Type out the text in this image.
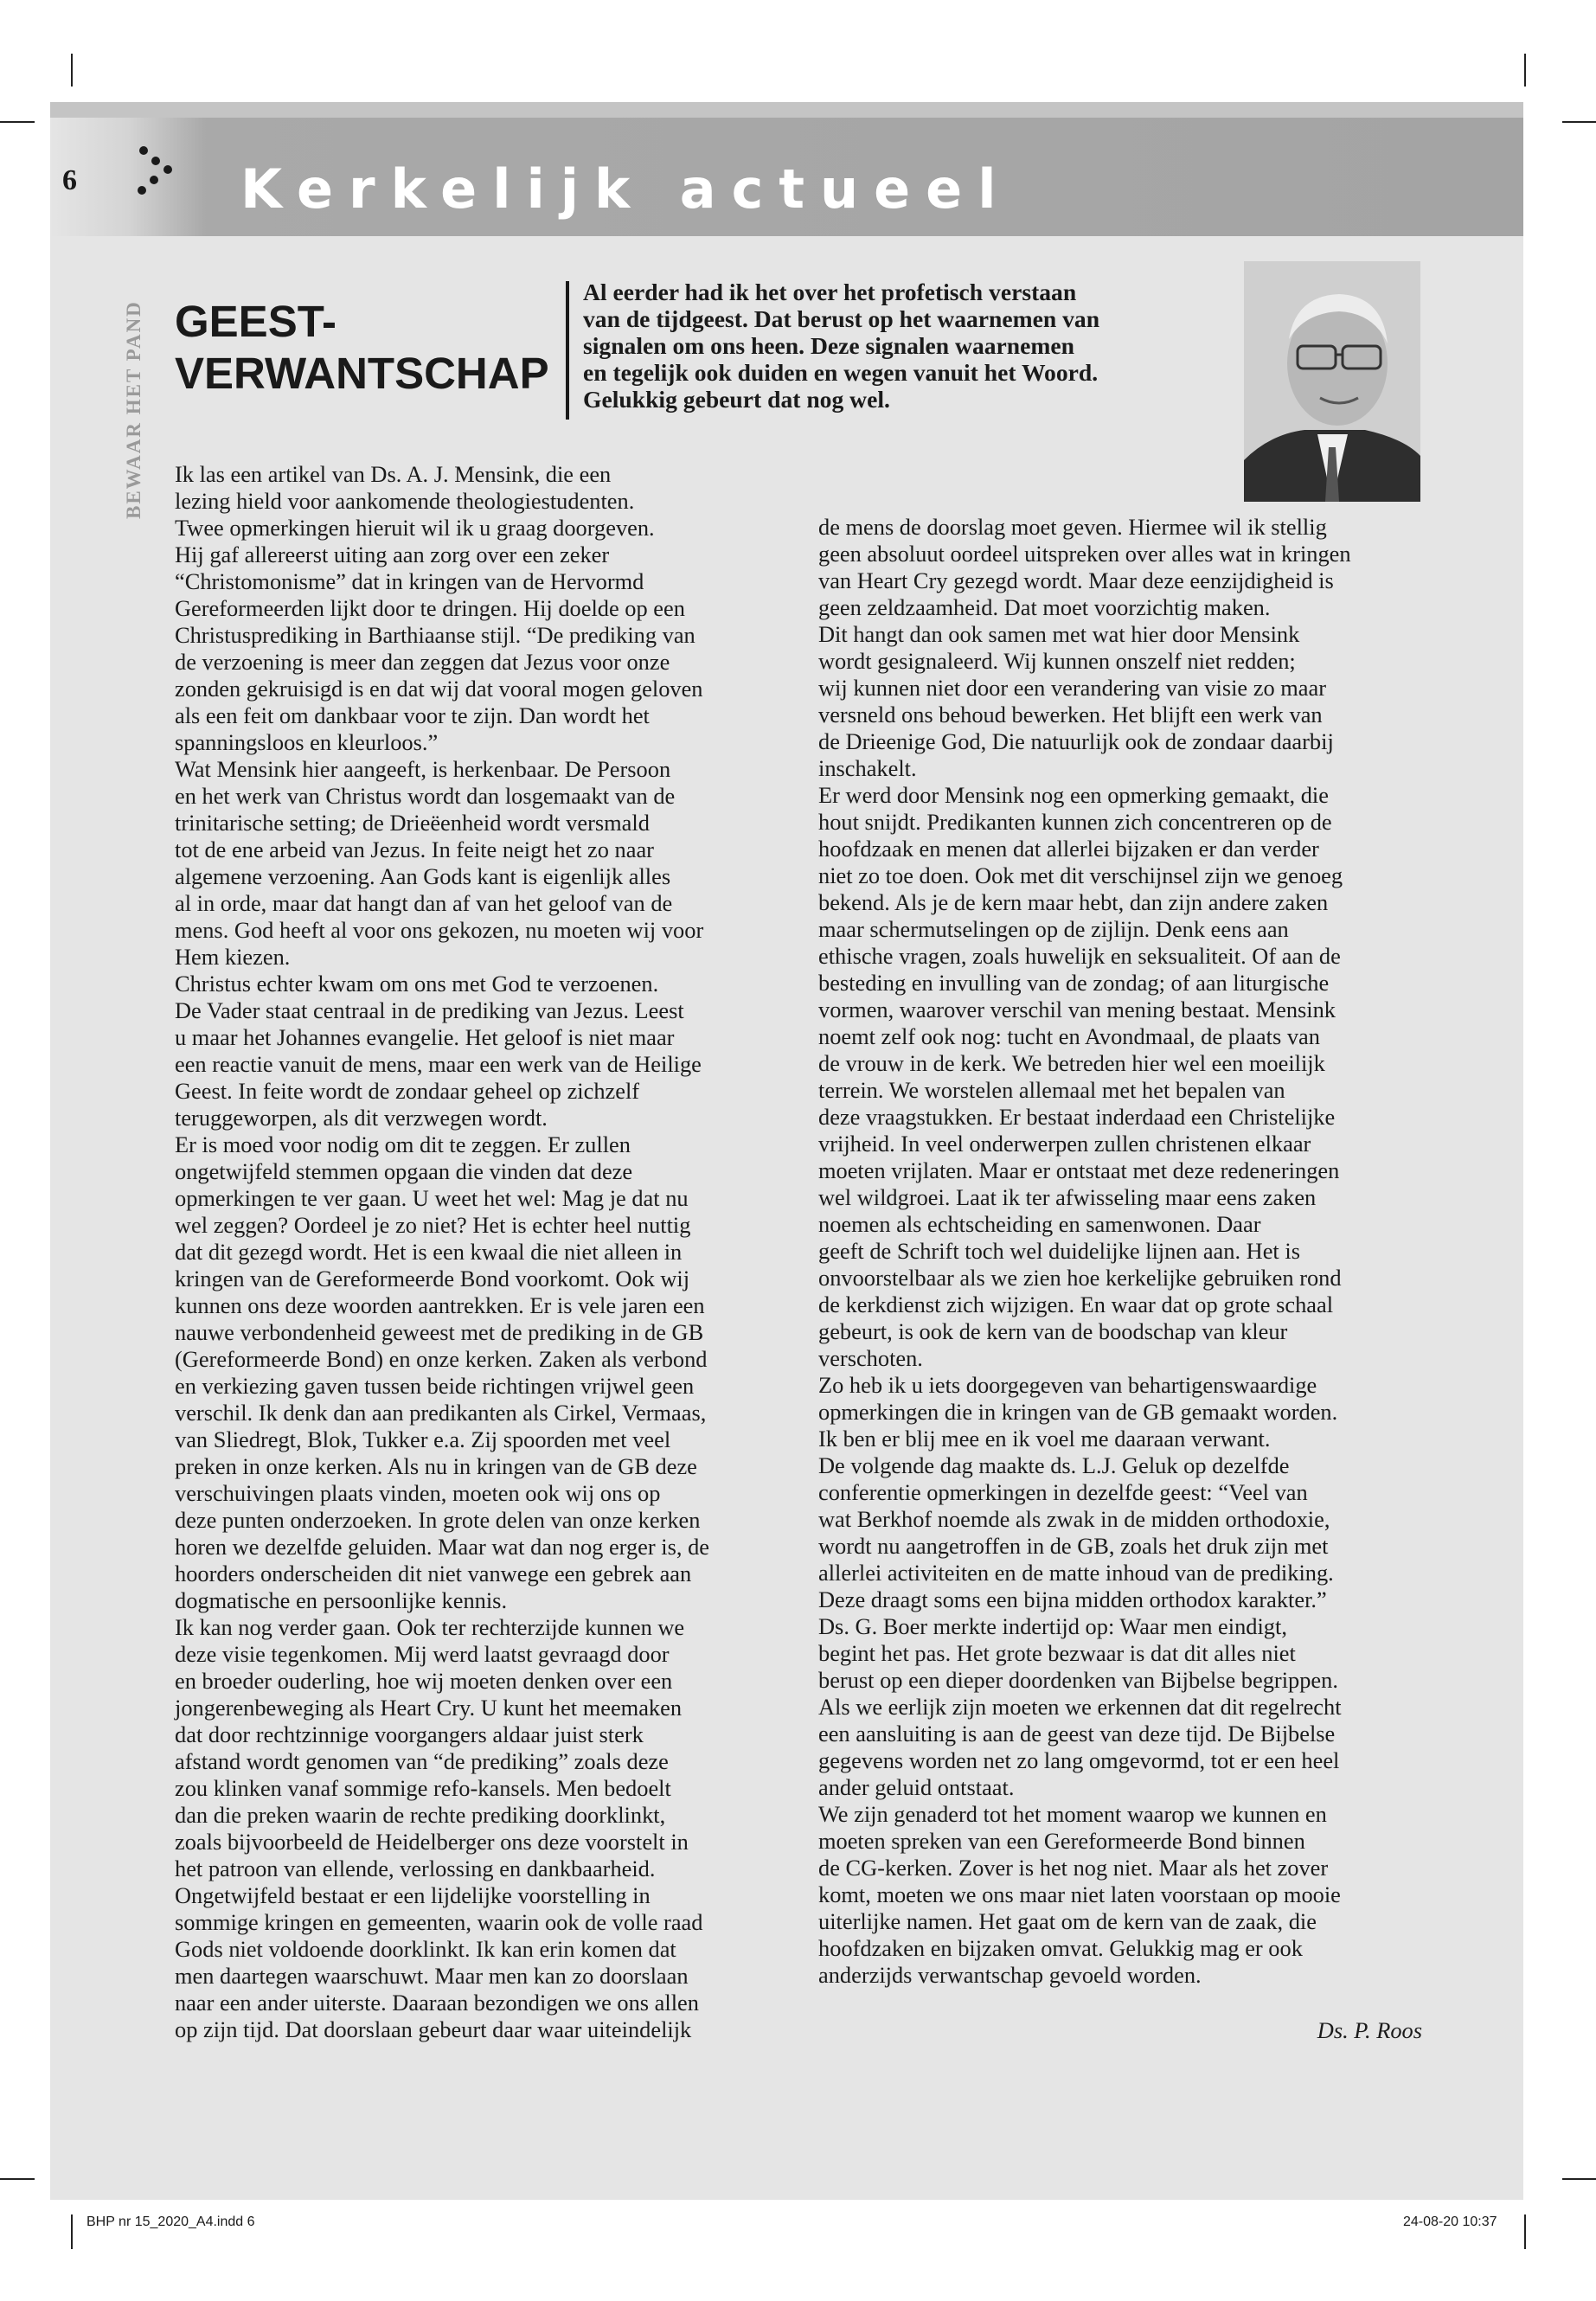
Kerkelijk actueel
6
BEWAAR HET PAND GEEST-
VERWANTSCHAP
Al eerder had ik het over het profetisch verstaan
van de tijdgeest. Dat berust op het waarnemen van
signalen om ons heen. Deze signalen waarnemen
en tegelijk ook duiden en wegen vanuit het Woord.
Gelukkig gebeurt dat nog wel.

Ik las een artikel van Ds. A. J. Mensink, die een

lezing hield voor aankomende theologiestudenten.

Twee opmerkingen hieruit wil ik u graag doorgeven.

Hij gaf allereerst uiting aan zorg over een zeker

“Christomonisme” dat in kringen van de Hervormd

Gereformeerden lijkt door te dringen. Hij doelde op een

Christusprediking in Barthiaanse stijl. “De prediking van

de verzoening is meer dan zeggen dat Jezus voor onze

zonden gekruisigd is en dat wij dat vooral mogen geloven

als een feit om dankbaar voor te zijn. Dan wordt het

spanningsloos en kleurloos.”

Wat Mensink hier aangeeft, is herkenbaar. De Persoon

en het werk van Christus wordt dan losgemaakt van de

trinitarische setting; de Drieëenheid wordt versmald

tot de ene arbeid van Jezus. In feite neigt het zo naar

algemene verzoening. Aan Gods kant is eigenlijk alles

al in orde, maar dat hangt dan af van het geloof van de

mens. God heeft al voor ons gekozen, nu moeten wij voor

Hem kiezen.

Christus echter kwam om ons met God te verzoenen.

De Vader staat centraal in de prediking van Jezus. Leest

u maar het Johannes evangelie. Het geloof is niet maar

een reactie vanuit de mens, maar een werk van de Heilige

Geest. In feite wordt de zondaar geheel op zichzelf

teruggeworpen, als dit verzwegen wordt.

Er is moed voor nodig om dit te zeggen. Er zullen

ongetwijfeld stemmen opgaan die vinden dat deze

opmerkingen te ver gaan. U weet het wel: Mag je dat nu

wel zeggen? Oordeel je zo niet? Het is echter heel nuttig

dat dit gezegd wordt. Het is een kwaal die niet alleen in

kringen van de Gereformeerde Bond voorkomt. Ook wij

kunnen ons deze woorden aantrekken. Er is vele jaren een

nauwe verbondenheid geweest met de prediking in de GB

(Gereformeerde Bond) en onze kerken. Zaken als verbond

en verkiezing gaven tussen beide richtingen vrijwel geen

verschil. Ik denk dan aan predikanten als Cirkel, Vermaas,

van Sliedregt, Blok, Tukker e.a. Zij spoorden met veel

preken in onze kerken. Als nu in kringen van de GB deze

verschuivingen plaats vinden, moeten ook wij ons op

deze punten onderzoeken. In grote delen van onze kerken

horen we dezelfde geluiden. Maar wat dan nog erger is, de

hoorders onderscheiden dit niet vanwege een gebrek aan

dogmatische en persoonlijke kennis.

Ik kan nog verder gaan. Ook ter rechterzijde kunnen we

deze visie tegenkomen. Mij werd laatst gevraagd door

en broeder ouderling, hoe wij moeten denken over een

jongerenbeweging als Heart Cry. U kunt het meemaken

dat door rechtzinnige voorgangers aldaar juist sterk

afstand wordt genomen van “de prediking” zoals deze

zou klinken vanaf sommige refo-kansels. Men bedoelt

dan die preken waarin de rechte prediking doorklinkt,

zoals bijvoorbeeld de Heidelberger ons deze voorstelt in

het patroon van ellende, verlossing en dankbaarheid.

Ongetwijfeld bestaat er een lijdelijke voorstelling in

sommige kringen en gemeenten, waarin ook de volle raad

Gods niet voldoende doorklinkt. Ik kan erin komen dat

men daartegen waarschuwt. Maar men kan zo doorslaan

naar een ander uiterste. Daaraan bezondigen we ons allen

op zijn tijd. Dat doorslaan gebeurt daar waar uiteindelijk

de mens de doorslag moet geven. Hiermee wil ik stellig

geen absoluut oordeel uitspreken over alles wat in kringen

van Heart Cry gezegd wordt. Maar deze eenzijdigheid is

geen zeldzaamheid. Dat moet voorzichtig maken.

Dit hangt dan ook samen met wat hier door Mensink

wordt gesignaleerd. Wij kunnen onszelf niet redden;

wij kunnen niet door een verandering van visie zo maar

versneld ons behoud bewerken. Het blijft een werk van

de Drieenige God, Die natuurlijk ook de zondaar daarbij

inschakelt.

Er werd door Mensink nog een opmerking gemaakt, die

hout snijdt. Predikanten kunnen zich concentreren op de

hoofdzaak en menen dat allerlei bijzaken er dan verder

niet zo toe doen. Ook met dit verschijnsel zijn we genoeg

bekend. Als je de kern maar hebt, dan zijn andere zaken

maar schermutselingen op de zijlijn. Denk eens aan

ethische vragen, zoals huwelijk en seksualiteit. Of aan de

besteding en invulling van de zondag; of aan liturgische

vormen, waarover verschil van mening bestaat. Mensink

noemt zelf ook nog: tucht en Avondmaal, de plaats van

de vrouw in de kerk. We betreden hier wel een moeilijk

terrein. We worstelen allemaal met het bepalen van

deze vraagstukken. Er bestaat inderdaad een Christelijke

vrijheid. In veel onderwerpen zullen christenen elkaar

moeten vrijlaten. Maar er ontstaat met deze redeneringen

wel wildgroei. Laat ik ter afwisseling maar eens zaken

noemen als echtscheiding en samenwonen. Daar

geeft de Schrift toch wel duidelijke lijnen aan. Het is

onvoorstelbaar als we zien hoe kerkelijke gebruiken rond

de kerkdienst zich wijzigen. En waar dat op grote schaal

gebeurt, is ook de kern van de boodschap van kleur

verschoten.

Zo heb ik u iets doorgegeven van behartigenswaardige

opmerkingen die in kringen van de GB gemaakt worden.

Ik ben er blij mee en ik voel me daaraan verwant.

De volgende dag maakte ds. L.J. Geluk op dezelfde

conferentie opmerkingen in dezelfde geest: “Veel van

wat Berkhof noemde als zwak in de midden orthodoxie,

wordt nu aangetroffen in de GB, zoals het druk zijn met

allerlei activiteiten en de matte inhoud van de prediking.

Deze draagt soms een bijna midden orthodox karakter.”

Ds. G. Boer merkte indertijd op: Waar men eindigt,

begint het pas. Het grote bezwaar is dat dit alles niet

berust op een dieper doordenken van Bijbelse begrippen.

Als we eerlijk zijn moeten we erkennen dat dit regelrecht

een aansluiting is aan de geest van deze tijd. De Bijbelse

gegevens worden net zo lang omgevormd, tot er een heel

ander geluid ontstaat.

We zijn genaderd tot het moment waarop we kunnen en

moeten spreken van een Gereformeerde Bond binnen

de CG-kerken. Zover is het nog niet. Maar als het zover

komt, moeten we ons maar niet laten voorstaan op mooie

uiterlijke namen. Het gaat om de kern van de zaak, die

hoofdzaken en bijzaken omvat. Gelukkig mag er ook

anderzijds verwantschap gevoeld worden.

Ds. P. Roos
BHP nr 15_2020_A4.indd 6	24-08-20 10:37
